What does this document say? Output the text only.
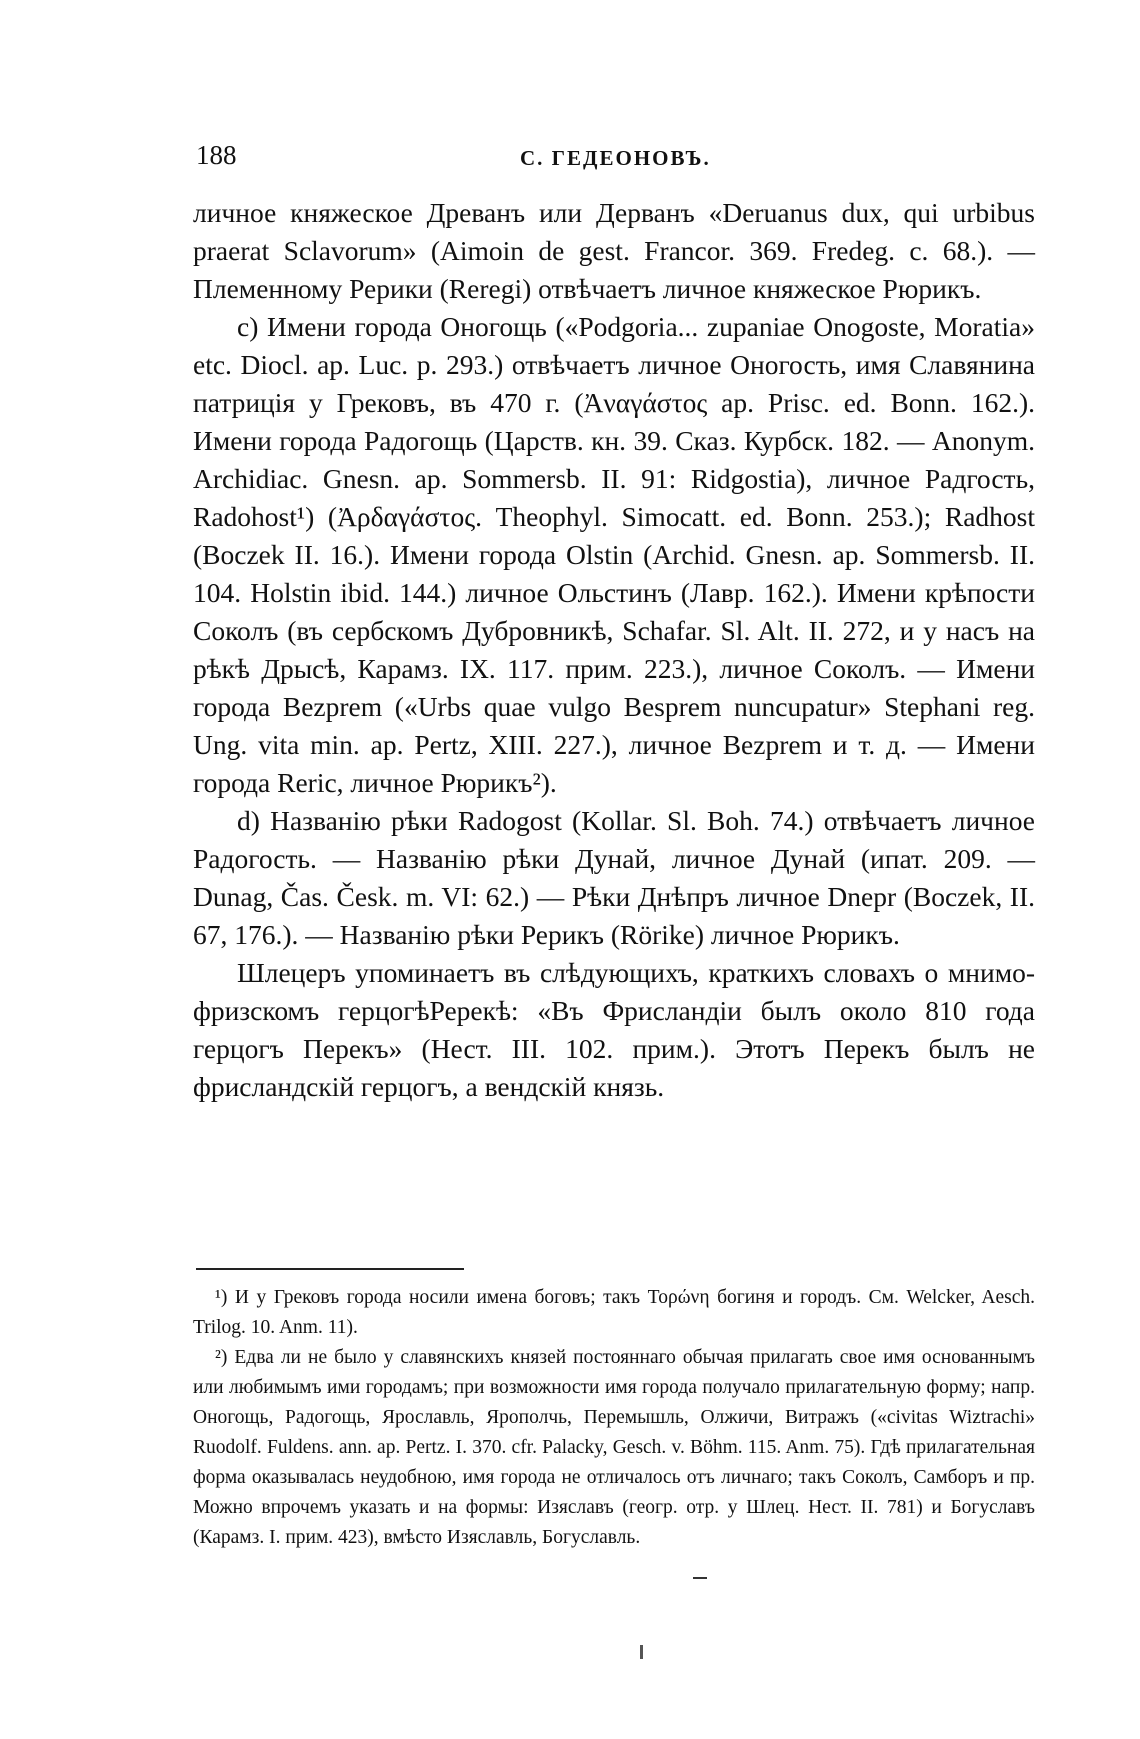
188	С. ГЕДЕОНОВЪ.

личное княжеское Древанъ или Дерванъ «Deruanus dux, qui urbibus praerat Sclavorum» (Aimoin de gest. Francor. 369. Fredeg. c. 68.). — Племенному Рерики (Reregi) отвѣчаетъ личное княжеское Рюрикъ.

c) Имени города Оногощь («Podgoria... zupaniae Onogoste, Moratia» etc. Diocl. ap. Luc. p. 293.) отвѣчаетъ личное Оногость, имя Славянина патриція у Грековъ, въ 470 г. (Ἀναγάστος ap. Prisc. ed. Bonn. 162.). Имени города Радогощь (Царств. кн. 39. Сказ. Курбск. 182. — Anonym. Archidiac. Gnesn. ap. Sommersb. II. 91: Ridgostia), личное Радгость, Radohost¹) (Ἀρδαγάστος. Theophyl. Simocatt. ed. Bonn. 253.); Radhost (Boczek II. 16.). Имени города Olstin (Archid. Gnesn. ap. Sommersb. II. 104. Holstin ibid. 144.) личное Ольстинъ (Лавр. 162.). Имени крѣпости Соколъ (въ сербскомъ Дубровникѣ, Schafar. Sl. Alt. II. 272, и у насъ на рѣкѣ Дрысѣ, Карамз. IX. 117. прим. 223.), личное Соколъ. — Имени города Bezprem («Urbs quae vulgo Besprem nuncupatur» Stephani reg. Ung. vita min. ap. Pertz, XIII. 227.), личное Bezprem и т. д. — Имени города Reric, личное Рюрикъ²).

d) Названію рѣки Radogost (Kollar. Sl. Boh. 74.) отвѣчаетъ личное Радогость. — Названію рѣки Дунай, личное Дунай (ипат. 209. — Dunag, Čas. Česk. m. VI: 62.) — Рѣки Днѣпръ личное Dnepr (Boczek, II. 67, 176.). — Названію рѣки Рерикъ (Rörike) личное Рюрикъ.

Шлецеръ упоминаетъ въ слѣдующихъ, краткихъ словахъ о мнимо-фризскомъ герцогѣРерекѣ: «Въ Фрисландіи былъ около 810 года герцогъ Перекъ» (Нест. III. 102. прим.). Этотъ Перекъ былъ не фрисландскій герцогъ, а вендскій князь.

¹) И у Грековъ города носили имена боговъ; такъ Τορώνη богиня и городъ. См. Welcker, Aesch. Trilog. 10. Anm. 11).

²) Едва ли не было у славянскихъ князей постояннаго обычая прилагать свое имя основаннымъ или любимымъ ими городамъ; при возможности имя города получало прилагательную форму; напр. Оногощь, Радогощь, Ярославль, Ярополчь, Перемышль, Олжичи, Витражъ («civitas Wiztrachi» Ruodolf. Fuldens. ann. ap. Pertz. I. 370. cfr. Palacky, Gesch. v. Böhm. 115. Anm. 75). Гдѣ прилагательная форма оказывалась неудобною, имя города не отличалось отъ личнаго; такъ Соколъ, Самборъ и пр. Можно впрочемъ указать и на формы: Изяславъ (геогр. отр. у Шлец. Нест. II. 781) и Богуславъ (Карамз. I. прим. 423), вмѣсто Изяславль, Богуславль.
